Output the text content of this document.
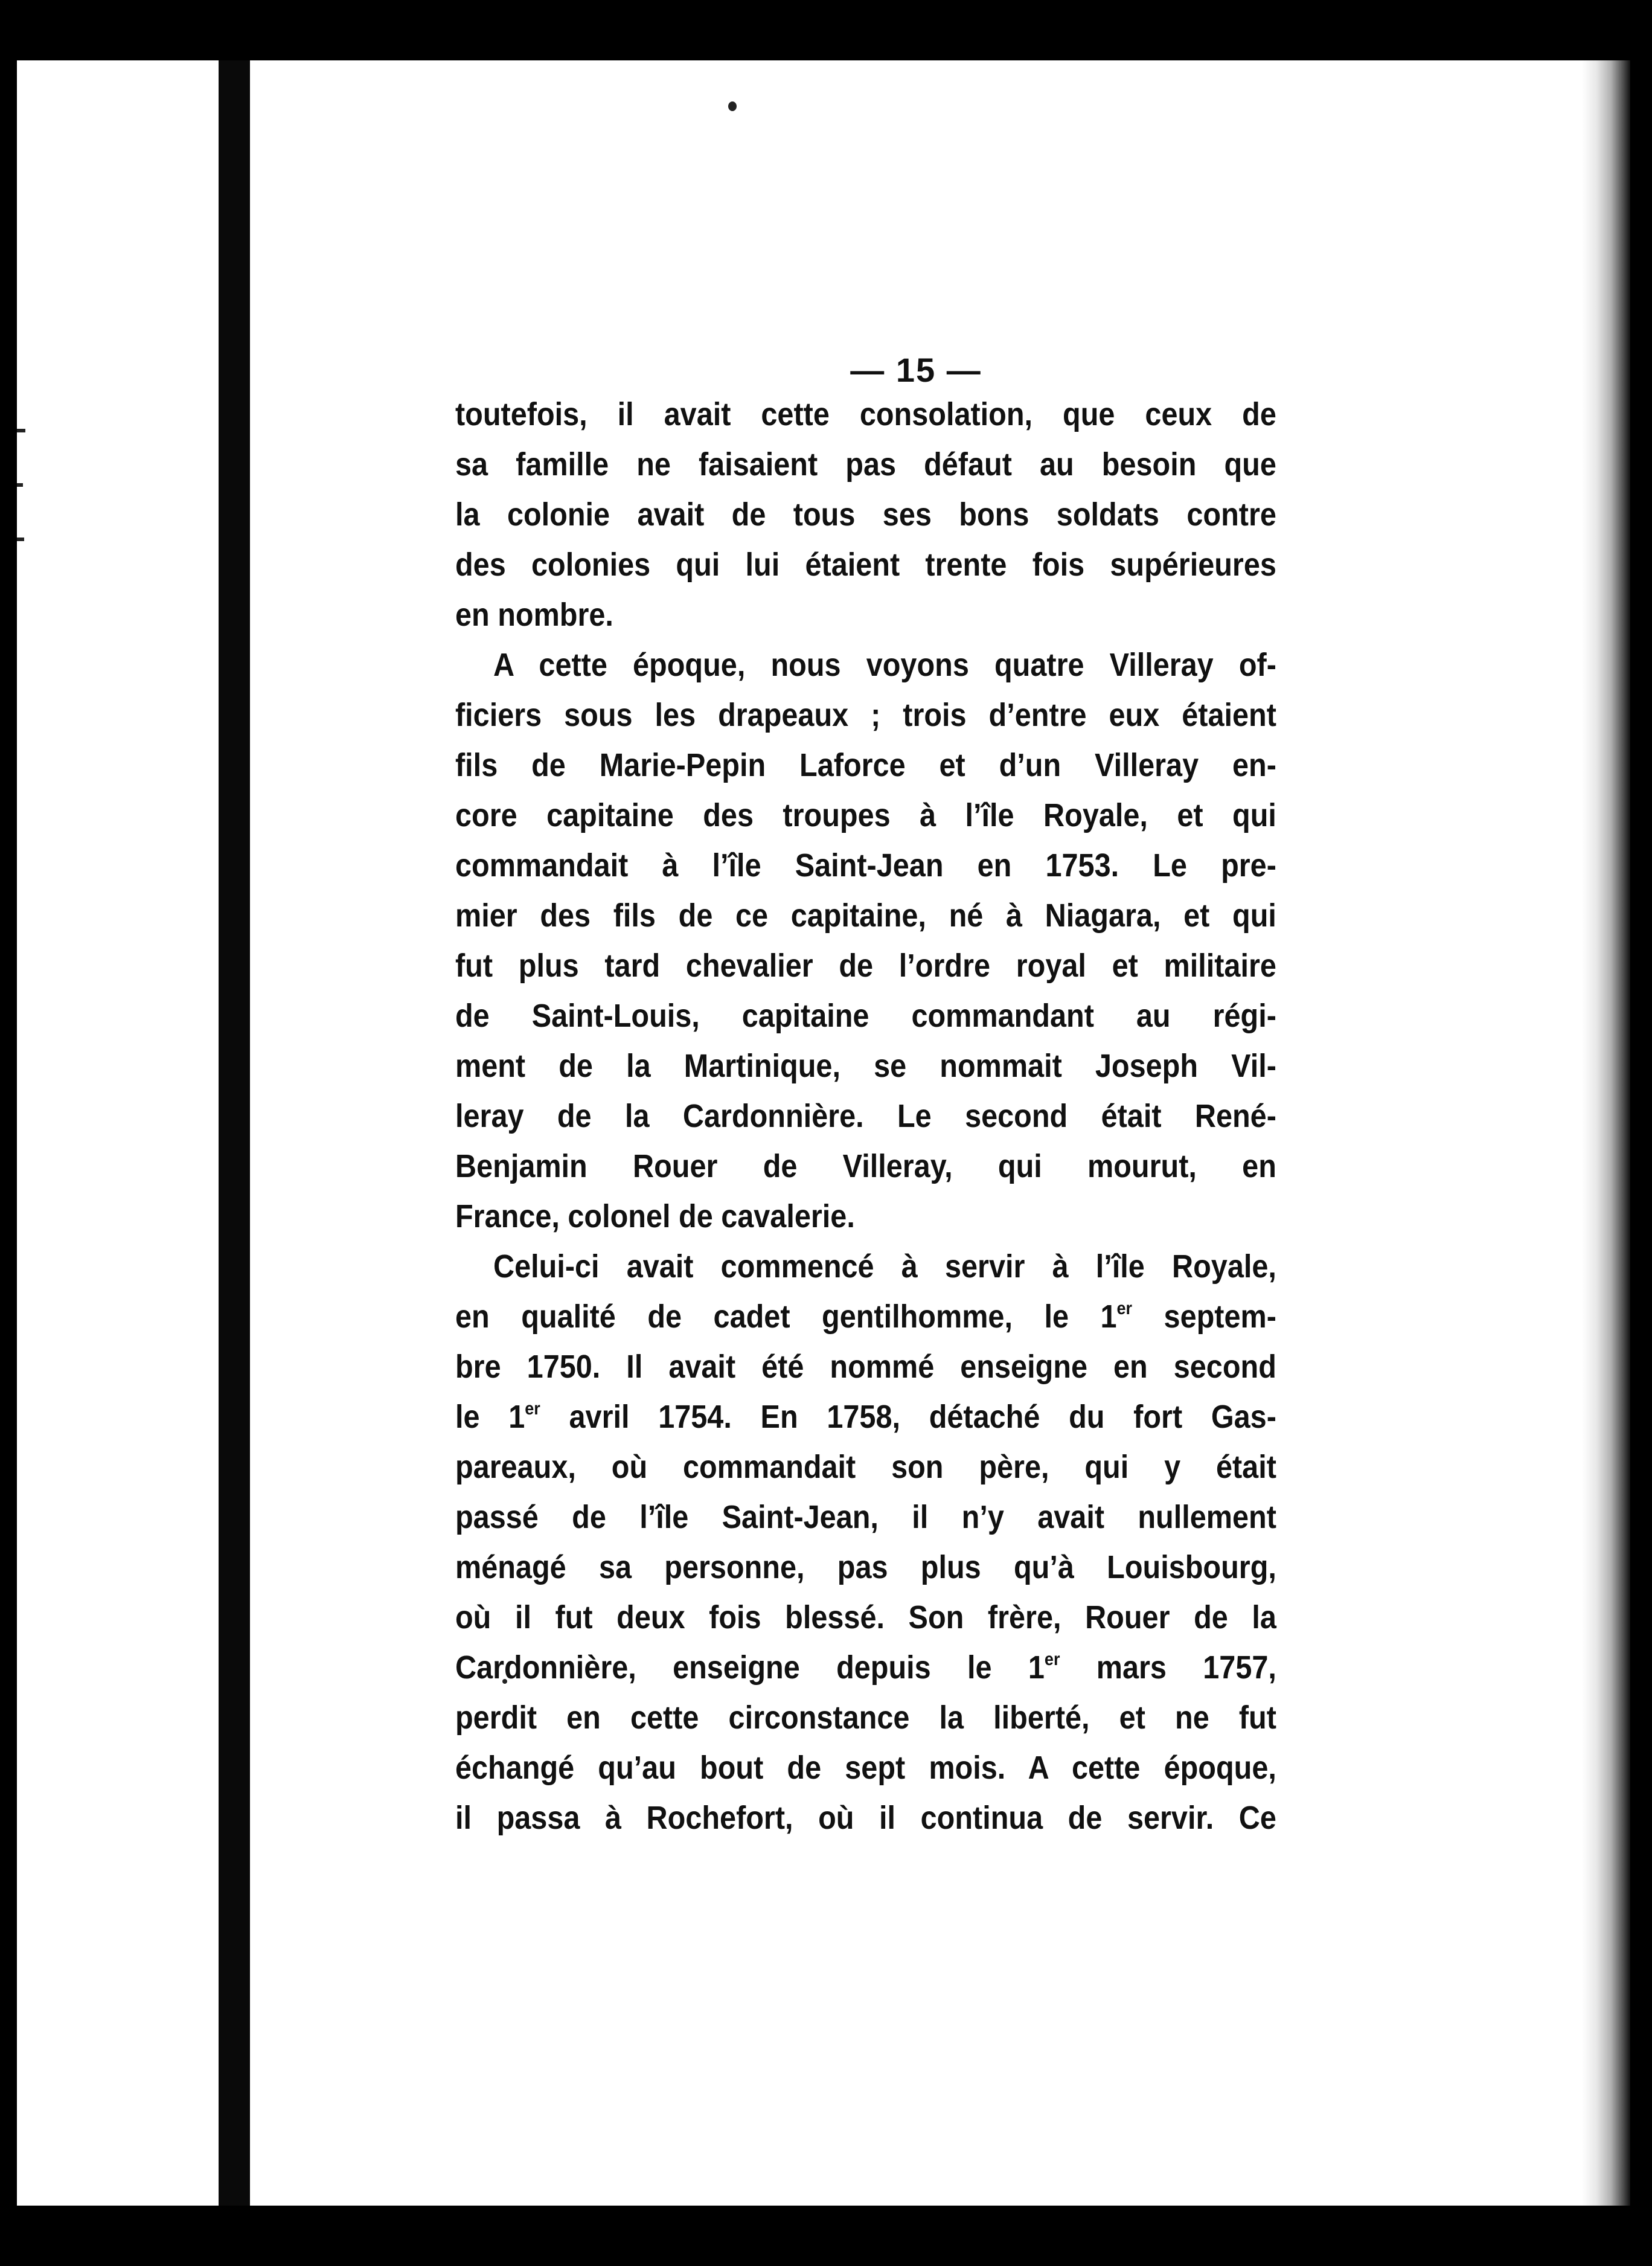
— 15 —
toutefois, il avait cette consolation, que ceux de
sa famille ne faisaient pas défaut au besoin que
la colonie avait de tous ses bons soldats contre
des colonies qui lui étaient trente fois supérieures
en nombre.
A cette époque, nous voyons quatre Villeray of-
ficiers sous les drapeaux ; trois d’entre eux étaient
fils de Marie-Pepin Laforce et d’un Villeray en-
core capitaine des troupes à l’île Royale, et qui
commandait à l’île Saint-Jean en 1753. Le pre-
mier des fils de ce capitaine, né à Niagara, et qui
fut plus tard chevalier de l’ordre royal et militaire
de Saint-Louis, capitaine commandant au régi-
ment de la Martinique, se nommait Joseph Vil-
leray de la Cardonnière. Le second était René-
Benjamin Rouer de Villeray, qui mourut, en
France, colonel de cavalerie.
Celui-ci avait commencé à servir à l’île Royale,
en qualité de cadet gentilhomme, le 1er septem-
bre 1750. Il avait été nommé enseigne en second
le 1er avril 1754. En 1758, détaché du fort Gas-
pareaux, où commandait son père, qui y était
passé de l’île Saint-Jean, il n’y avait nullement
ménagé sa personne, pas plus qu’à Louisbourg,
où il fut deux fois blessé. Son frère, Rouer de la
Cardonnière, enseigne depuis le 1er mars 1757,
perdit en cette circonstance la liberté, et ne fut
échangé qu’au bout de sept mois. A cette époque,
il passa à Rochefort, où il continua de servir. Ce
